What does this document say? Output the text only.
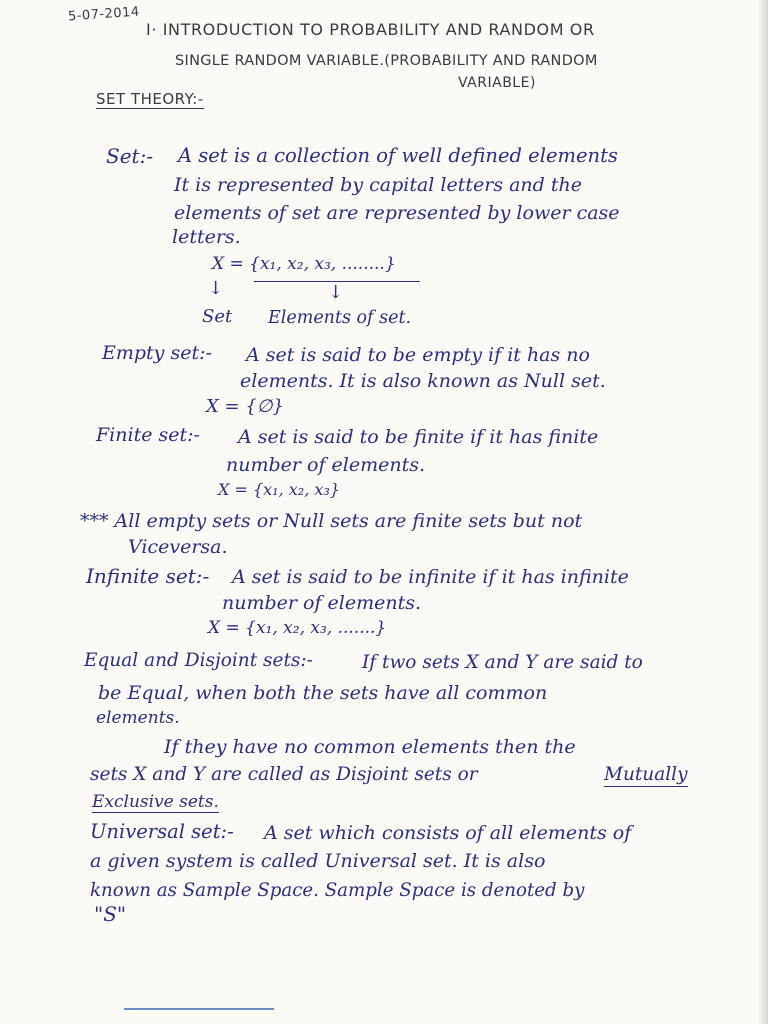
5-07-2014
I· INTRODUCTION TO PROBABILITY AND RANDOM OR
SINGLE RANDOM VARIABLE.(PROBABILITY AND RANDOM
VARIABLE)
SET THEORY:-
Set:- A set is a collection of well defined elements
It is represented by capital letters and the
elements of set are represented by lower case
letters.
X = {x₁, x₂, x₃, ........}
↓	↓
Set Elements of set.
Empty set:- A set is said to be empty if it has no
elements. It is also known as Null set.
X = {∅}
Finite set:- A set is said to be finite if it has finite
number of elements.
X = {x₁, x₂, x₃}
*** All empty sets or Null sets are finite sets but not
Viceversa.
Infinite set:- A set is said to be infinite if it has infinite
number of elements.
X = {x₁, x₂, x₃, .......}
Equal and Disjoint sets:-	If two sets X and Y are said to
be Equal, when both the sets have all common
elements.
If they have no common elements then the
sets X and Y are called as Disjoint sets or	Mutually
Exclusive sets.
Universal set:- A set which consists of all elements of
a given system is called Universal set. It is also
known as Sample Space. Sample Space is denoted by
"S"
